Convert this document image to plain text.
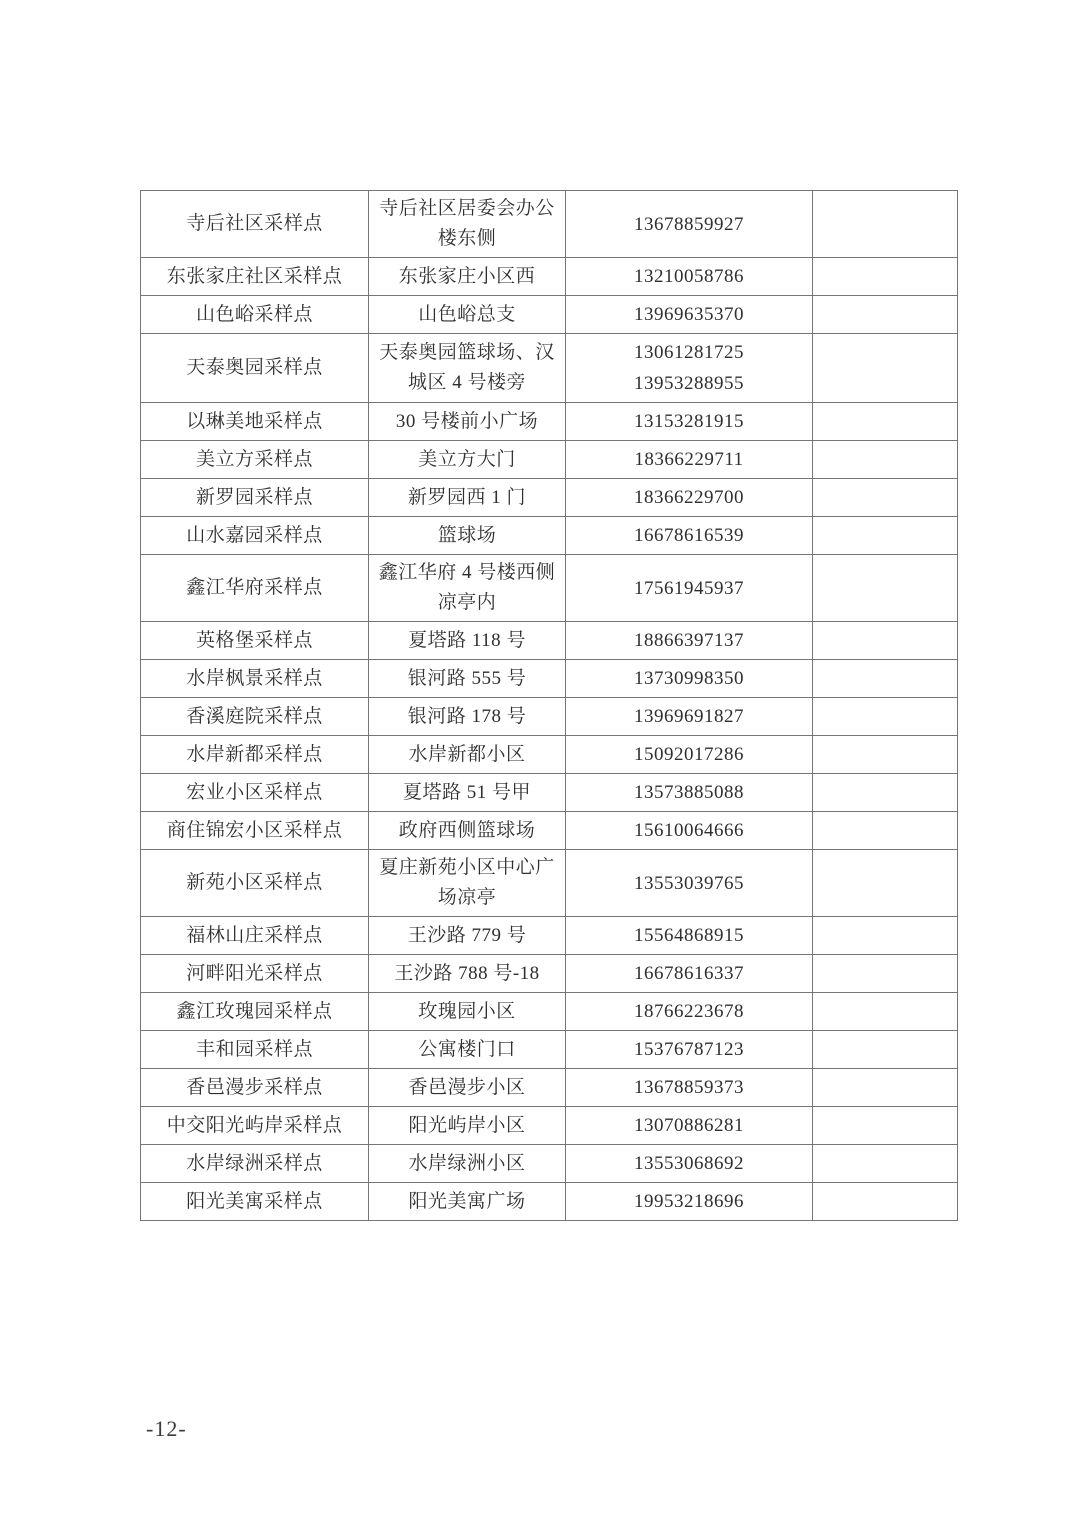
寺后社区采样点	寺后社区居委会办公楼东侧	13678859927	

东张家庄社区采样点	东张家庄小区西	13210058786	

山色峪采样点	山色峪总支	13969635370	

天泰奥园采样点	天泰奥园篮球场、汉城区 4 号楼旁	13061281725
13953288955	

以琳美地采样点	30 号楼前小广场	13153281915	

美立方采样点	美立方大门	18366229711	

新罗园采样点	新罗园西 1 门	18366229700	

山水嘉园采样点	篮球场	16678616539	

鑫江华府采样点	鑫江华府 4 号楼西侧凉亭内	17561945937	

英格堡采样点	夏塔路 118 号	18866397137	

水岸枫景采样点	银河路 555 号	13730998350	

香溪庭院采样点	银河路 178 号	13969691827	

水岸新都采样点	水岸新都小区	15092017286	

宏业小区采样点	夏塔路 51 号甲	13573885088	

商住锦宏小区采样点	政府西侧篮球场	15610064666	

新苑小区采样点	夏庄新苑小区中心广场凉亭	13553039765	

福林山庄采样点	王沙路 779 号	15564868915	

河畔阳光采样点	王沙路 788 号-18	16678616337	

鑫江玫瑰园采样点	玫瑰园小区	18766223678	

丰和园采样点	公寓楼门口	15376787123	

香邑漫步采样点	香邑漫步小区	13678859373	

中交阳光屿岸采样点	阳光屿岸小区	13070886281	

水岸绿洲采样点	水岸绿洲小区	13553068692	

阳光美寓采样点	阳光美寓广场	19953218696	

-12-
